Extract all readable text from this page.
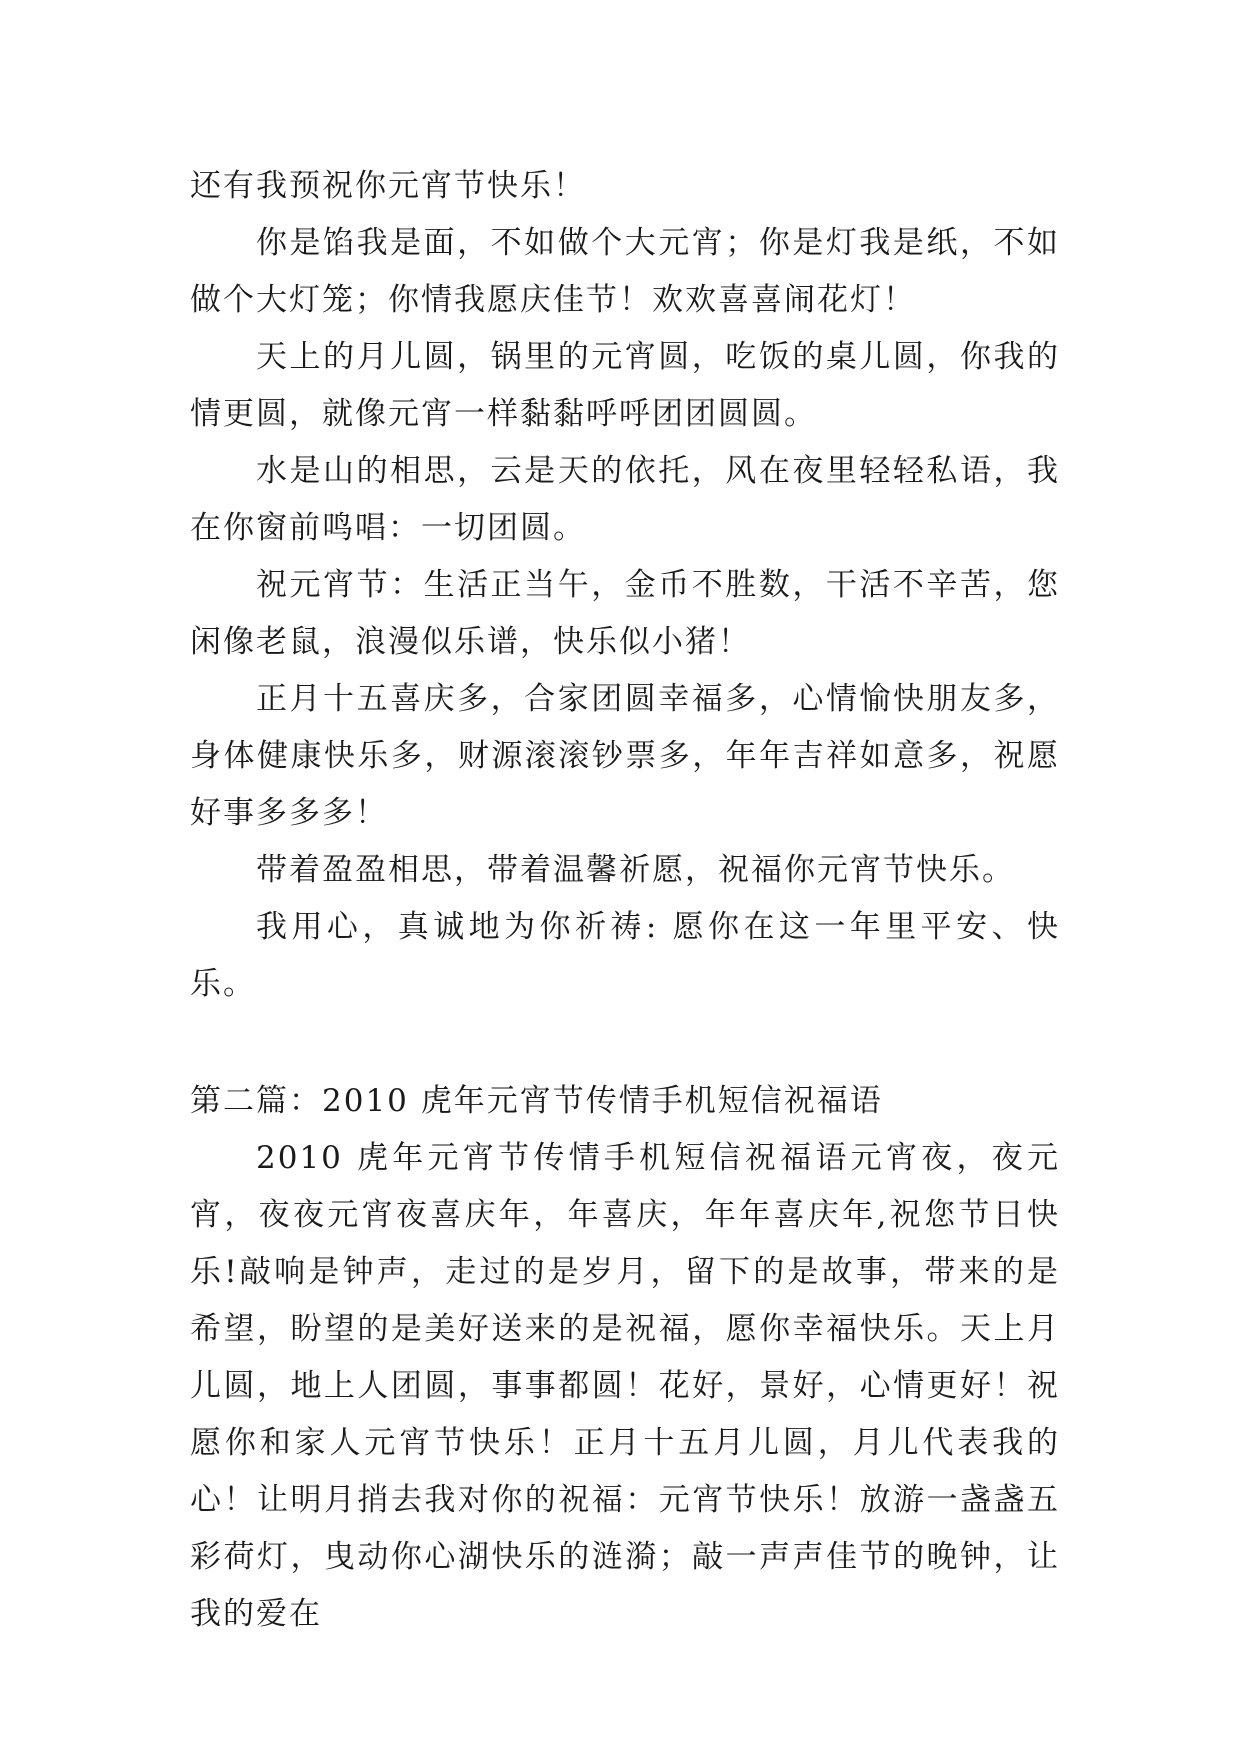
还有我预祝你元宵节快乐！

你是馅我是面，不如做个大元宵；你是灯我是纸，不如做个大灯笼；你情我愿庆佳节！欢欢喜喜闹花灯！

天上的月儿圆，锅里的元宵圆，吃饭的桌儿圆，你我的情更圆，就像元宵一样黏黏呼呼团团圆圆。

水是山的相思，云是天的依托，风在夜里轻轻私语，我在你窗前鸣唱：一切团圆。

祝元宵节：生活正当午，金币不胜数，干活不辛苦，您闲像老鼠，浪漫似乐谱，快乐似小猪！

正月十五喜庆多，合家团圆幸福多，心情愉快朋友多，身体健康快乐多，财源滚滚钞票多，年年吉祥如意多，祝愿好事多多多！

带着盈盈相思，带着温馨祈愿，祝福你元宵节快乐。

我用心，真诚地为你祈祷: 愿你在这一年里平安、快乐。

第二篇：2010 虎年元宵节传情手机短信祝福语

2010 虎年元宵节传情手机短信祝福语元宵夜，夜元宵，夜夜元宵夜喜庆年，年喜庆，年年喜庆年,祝您节日快乐!敲响是钟声，走过的是岁月，留下的是故事，带来的是希望，盼望的是美好送来的是祝福，愿你幸福快乐。天上月儿圆，地上人团圆，事事都圆！花好，景好，心情更好！祝愿你和家人元宵节快乐！正月十五月儿圆，月儿代表我的心！让明月捎去我对你的祝福：元宵节快乐！放游一盏盏五彩荷灯，曳动你心湖快乐的涟漪；敲一声声佳节的晚钟，让我的爱在
